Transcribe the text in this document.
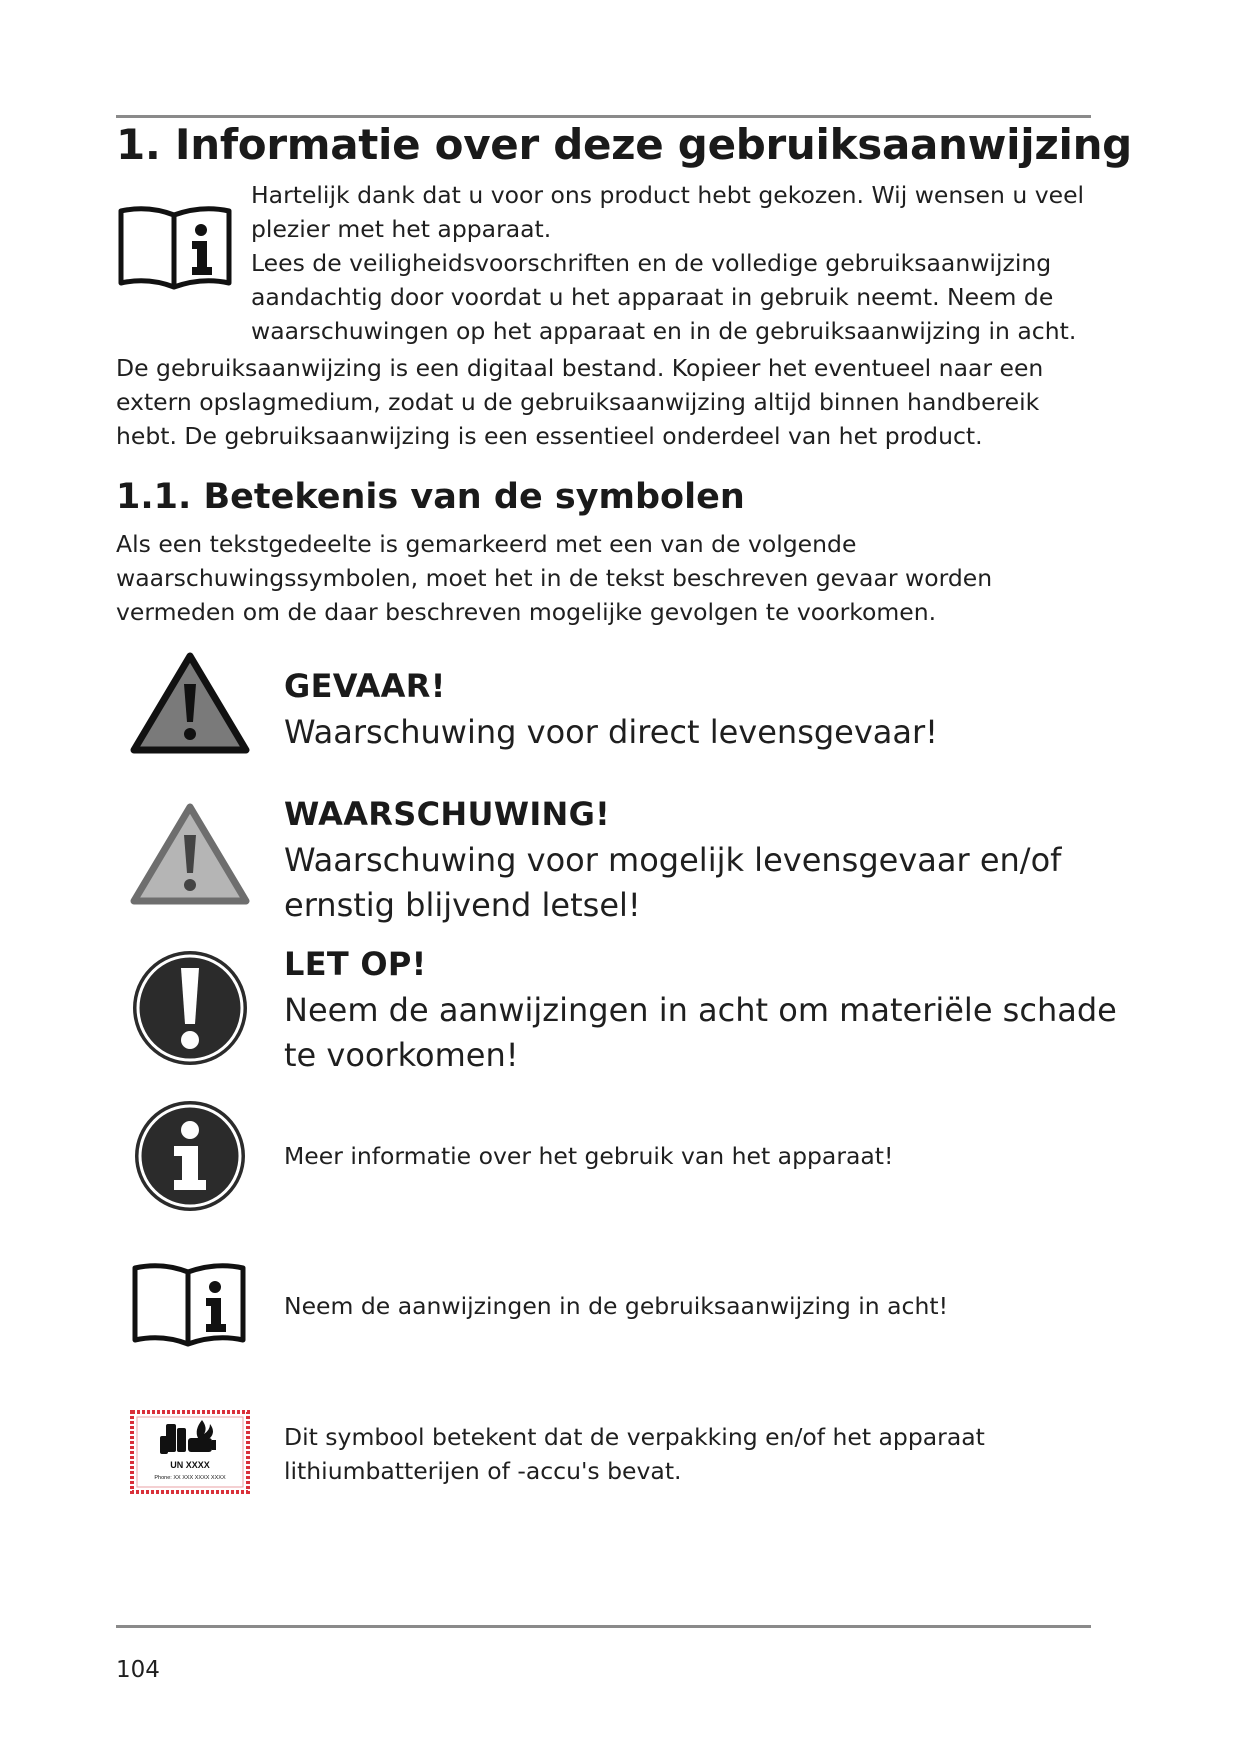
1. Informatie over deze gebruiksaanwijzing

Hartelijk dank dat u voor ons product hebt gekozen. Wij wensen u veel
plezier met het apparaat.
Lees de veiligheidsvoorschriften en de volledige gebruiksaanwijzing
aandachtig door voordat u het apparaat in gebruik neemt. Neem de
waarschuwingen op het apparaat en in de gebruiksaanwijzing in acht.

De gebruiksaanwijzing is een digitaal bestand. Kopieer het eventueel naar een
extern opslagmedium, zodat u de gebruiksaanwijzing altijd binnen handbereik
hebt. De gebruiksaanwijzing is een essentieel onderdeel van het product.

1.1. Betekenis van de symbolen

Als een tekstgedeelte is gemarkeerd met een van de volgende
waarschuwingssymbolen, moet het in de tekst beschreven gevaar worden
vermeden om de daar beschreven mogelijke gevolgen te voorkomen.

GEVAAR!

Waarschuwing voor direct levensgevaar!

WAARSCHUWING!

Waarschuwing voor mogelijk levensgevaar en/of
ernstig blijvend letsel!

LET OP!

Neem de aanwijzingen in acht om materiële schade
te voorkomen!

Meer informatie over het gebruik van het apparaat!

Neem de aanwijzingen in de gebruiksaanwijzing in acht!

UN XXXX
Phone: XX XXX XXXX XXXX

Dit symbool betekent dat de verpakking en/of het apparaat
lithiumbatterijen of -accu's bevat.

104
